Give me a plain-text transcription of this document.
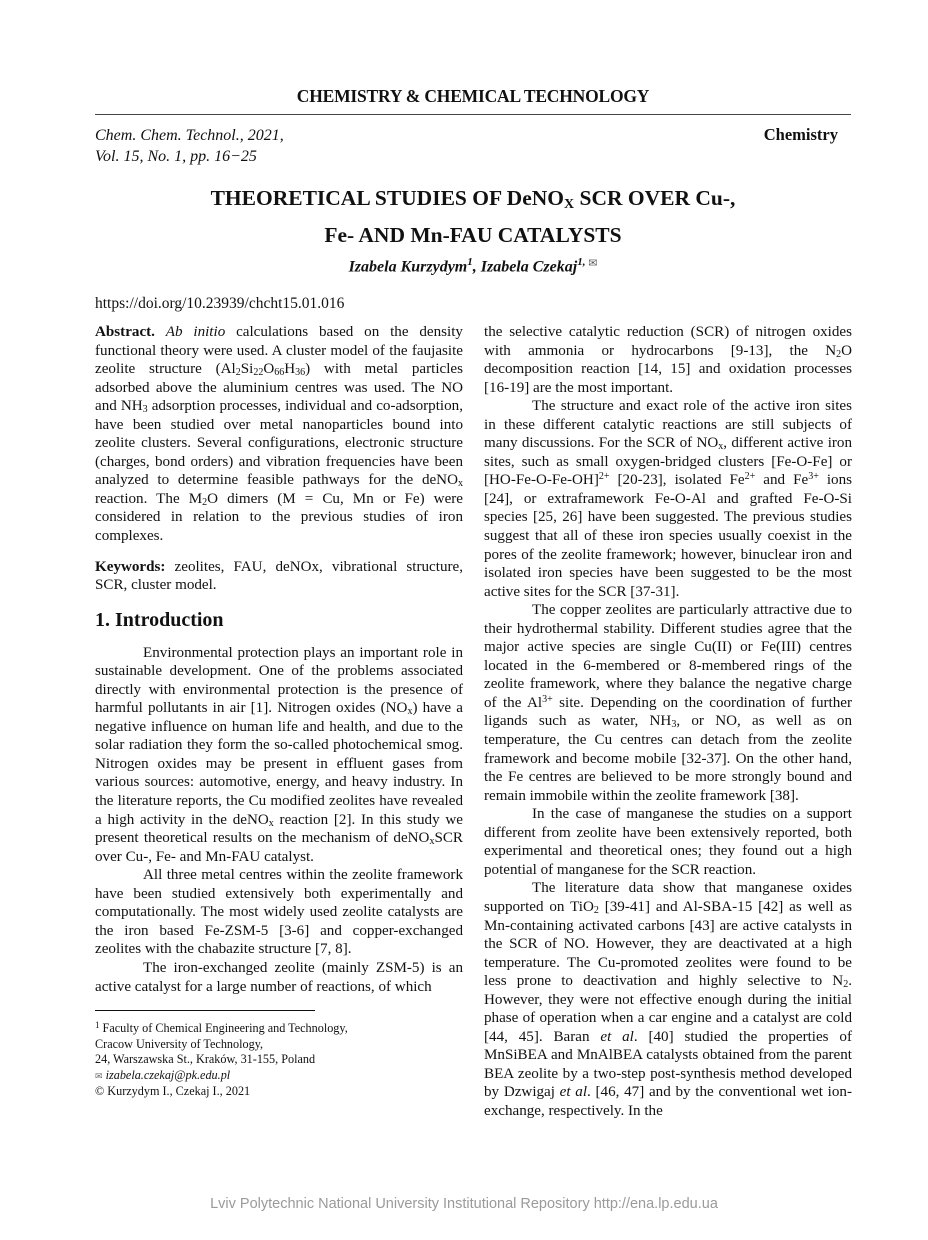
CHEMISTRY & CHEMICAL TECHNOLOGY
Chem. Chem. Technol., 2021,
Vol. 15, No. 1, pp. 16−25
Chemistry
THEORETICAL STUDIES OF DeNO$_X$ SCR OVER Cu-,
Fe- AND Mn-FAU CATALYSTS
Izabela Kurzydym$^1$, Izabela Czekaj$^{1,}$ ✉
https://doi.org/10.23939/chcht15.01.016

Abstract. Ab initio calculations based on the density functional theory were used. A cluster model of the faujasite zeolite structure $(Al_2Si_{22}O_{66}H_{36})$ with metal particles adsorbed above the aluminium centres was used. The NO and $NH_3$ adsorption processes, individual and co-adsorption, have been studied over metal nanoparticles bound into zeolite clusters. Several configurations, electronic structure (charges, bond orders) and vibration frequencies have been analyzed to determine feasible pathways for the deNO$_x$ reaction. The $M_2O$ dimers (M = Cu, Mn or Fe) were considered in relation to the previous studies of iron complexes.

Keywords: zeolites, FAU, deNOx, vibrational structure, SCR, cluster model.

1. Introduction

Environmental protection plays an important role in sustainable development. One of the problems associated directly with environmental protection is the presence of harmful pollutants in air [1]. Nitrogen oxides $(NO_x)$ have a negative influence on human life and health, and due to the solar radiation they form the so-called photochemical smog. Nitrogen oxides may be present in effluent gases from various sources: automotive, energy, and heavy industry. In the literature reports, the Cu modified zeolites have revealed a high activity in the deNO$_x$ reaction [2]. In this study we present theoretical results on the mechanism of deNO$_x$SCR over Cu-, Fe- and Mn-FAU catalyst.

All three metal centres within the zeolite framework have been studied extensively both experimentally and computationally. The most widely used zeolite catalysts are the iron based Fe-ZSM-5 [3-6] and copper-exchanged zeolites with the chabazite structure [7, 8].

The iron-exchanged zeolite (mainly ZSM-5) is an active catalyst for a large number of reactions, of which

$^1$ Faculty of Chemical Engineering and Technology,
Cracow University of Technology,
24, Warszawska St., Kraków, 31-155, Poland
✉ izabela.czekaj@pk.edu.pl
© Kurzydym I., Czekaj I., 2021

the selective catalytic reduction (SCR) of nitrogen oxides with ammonia or hydrocarbons [9-13], the $N_2O$ decomposition reaction [14, 15] and oxidation processes [16-19] are the most important.

The structure and exact role of the active iron sites in these different catalytic reactions are still subjects of many discussions. For the SCR of $NO_x$, different active iron sites, such as small oxygen-bridged clusters [Fe-O-Fe] or $[HO-Fe-O-Fe-OH]^{2+}$ [20-23], isolated $Fe^{2+}$ and $Fe^{3+}$ ions [24], or extraframework Fe-O-Al and grafted Fe-O-Si species [25, 26] have been suggested. The previous studies suggest that all of these iron species usually coexist in the pores of the zeolite framework; however, binuclear iron and isolated iron species have been suggested to be the most active sites for the SCR [37-31].

The copper zeolites are particularly attractive due to their hydrothermal stability. Different studies agree that the major active species are single Cu(II) or Fe(III) centres located in the 6-membered or 8-membered rings of the zeolite framework, where they balance the negative charge of the $Al^{3+}$ site. Depending on the coordination of further ligands such as water, $NH_3$, or NO, as well as on temperature, the Cu centres can detach from the zeolite framework and become mobile [32-37]. On the other hand, the Fe centres are believed to be more strongly bound and remain immobile within the zeolite framework [38].

In the case of manganese the studies on a support different from zeolite have been extensively reported, both experimental and theoretical ones; they found out a high potential of manganese for the SCR reaction.

The literature data show that manganese oxides supported on TiO$_2$ [39-41] and Al-SBA-15 [42] as well as Mn-containing activated carbons [43] are active catalysts in the SCR of NO. However, they are deactivated at a high temperature. The Cu-promoted zeolites were found to be less prone to deactivation and highly selective to $N_2$. However, they were not effective enough during the initial phase of operation when a car engine and a catalyst are cold [44, 45]. Baran et al. [40] studied the properties of MnSiBEA and MnAlBEA catalysts obtained from the parent BEA zeolite by a two-step post-synthesis method developed by Dzwigaj et al. [46, 47] and by the conventional wet ion-exchange, respectively. In the

Lviv Polytechnic National University Institutional Repository http://ena.lp.edu.ua
